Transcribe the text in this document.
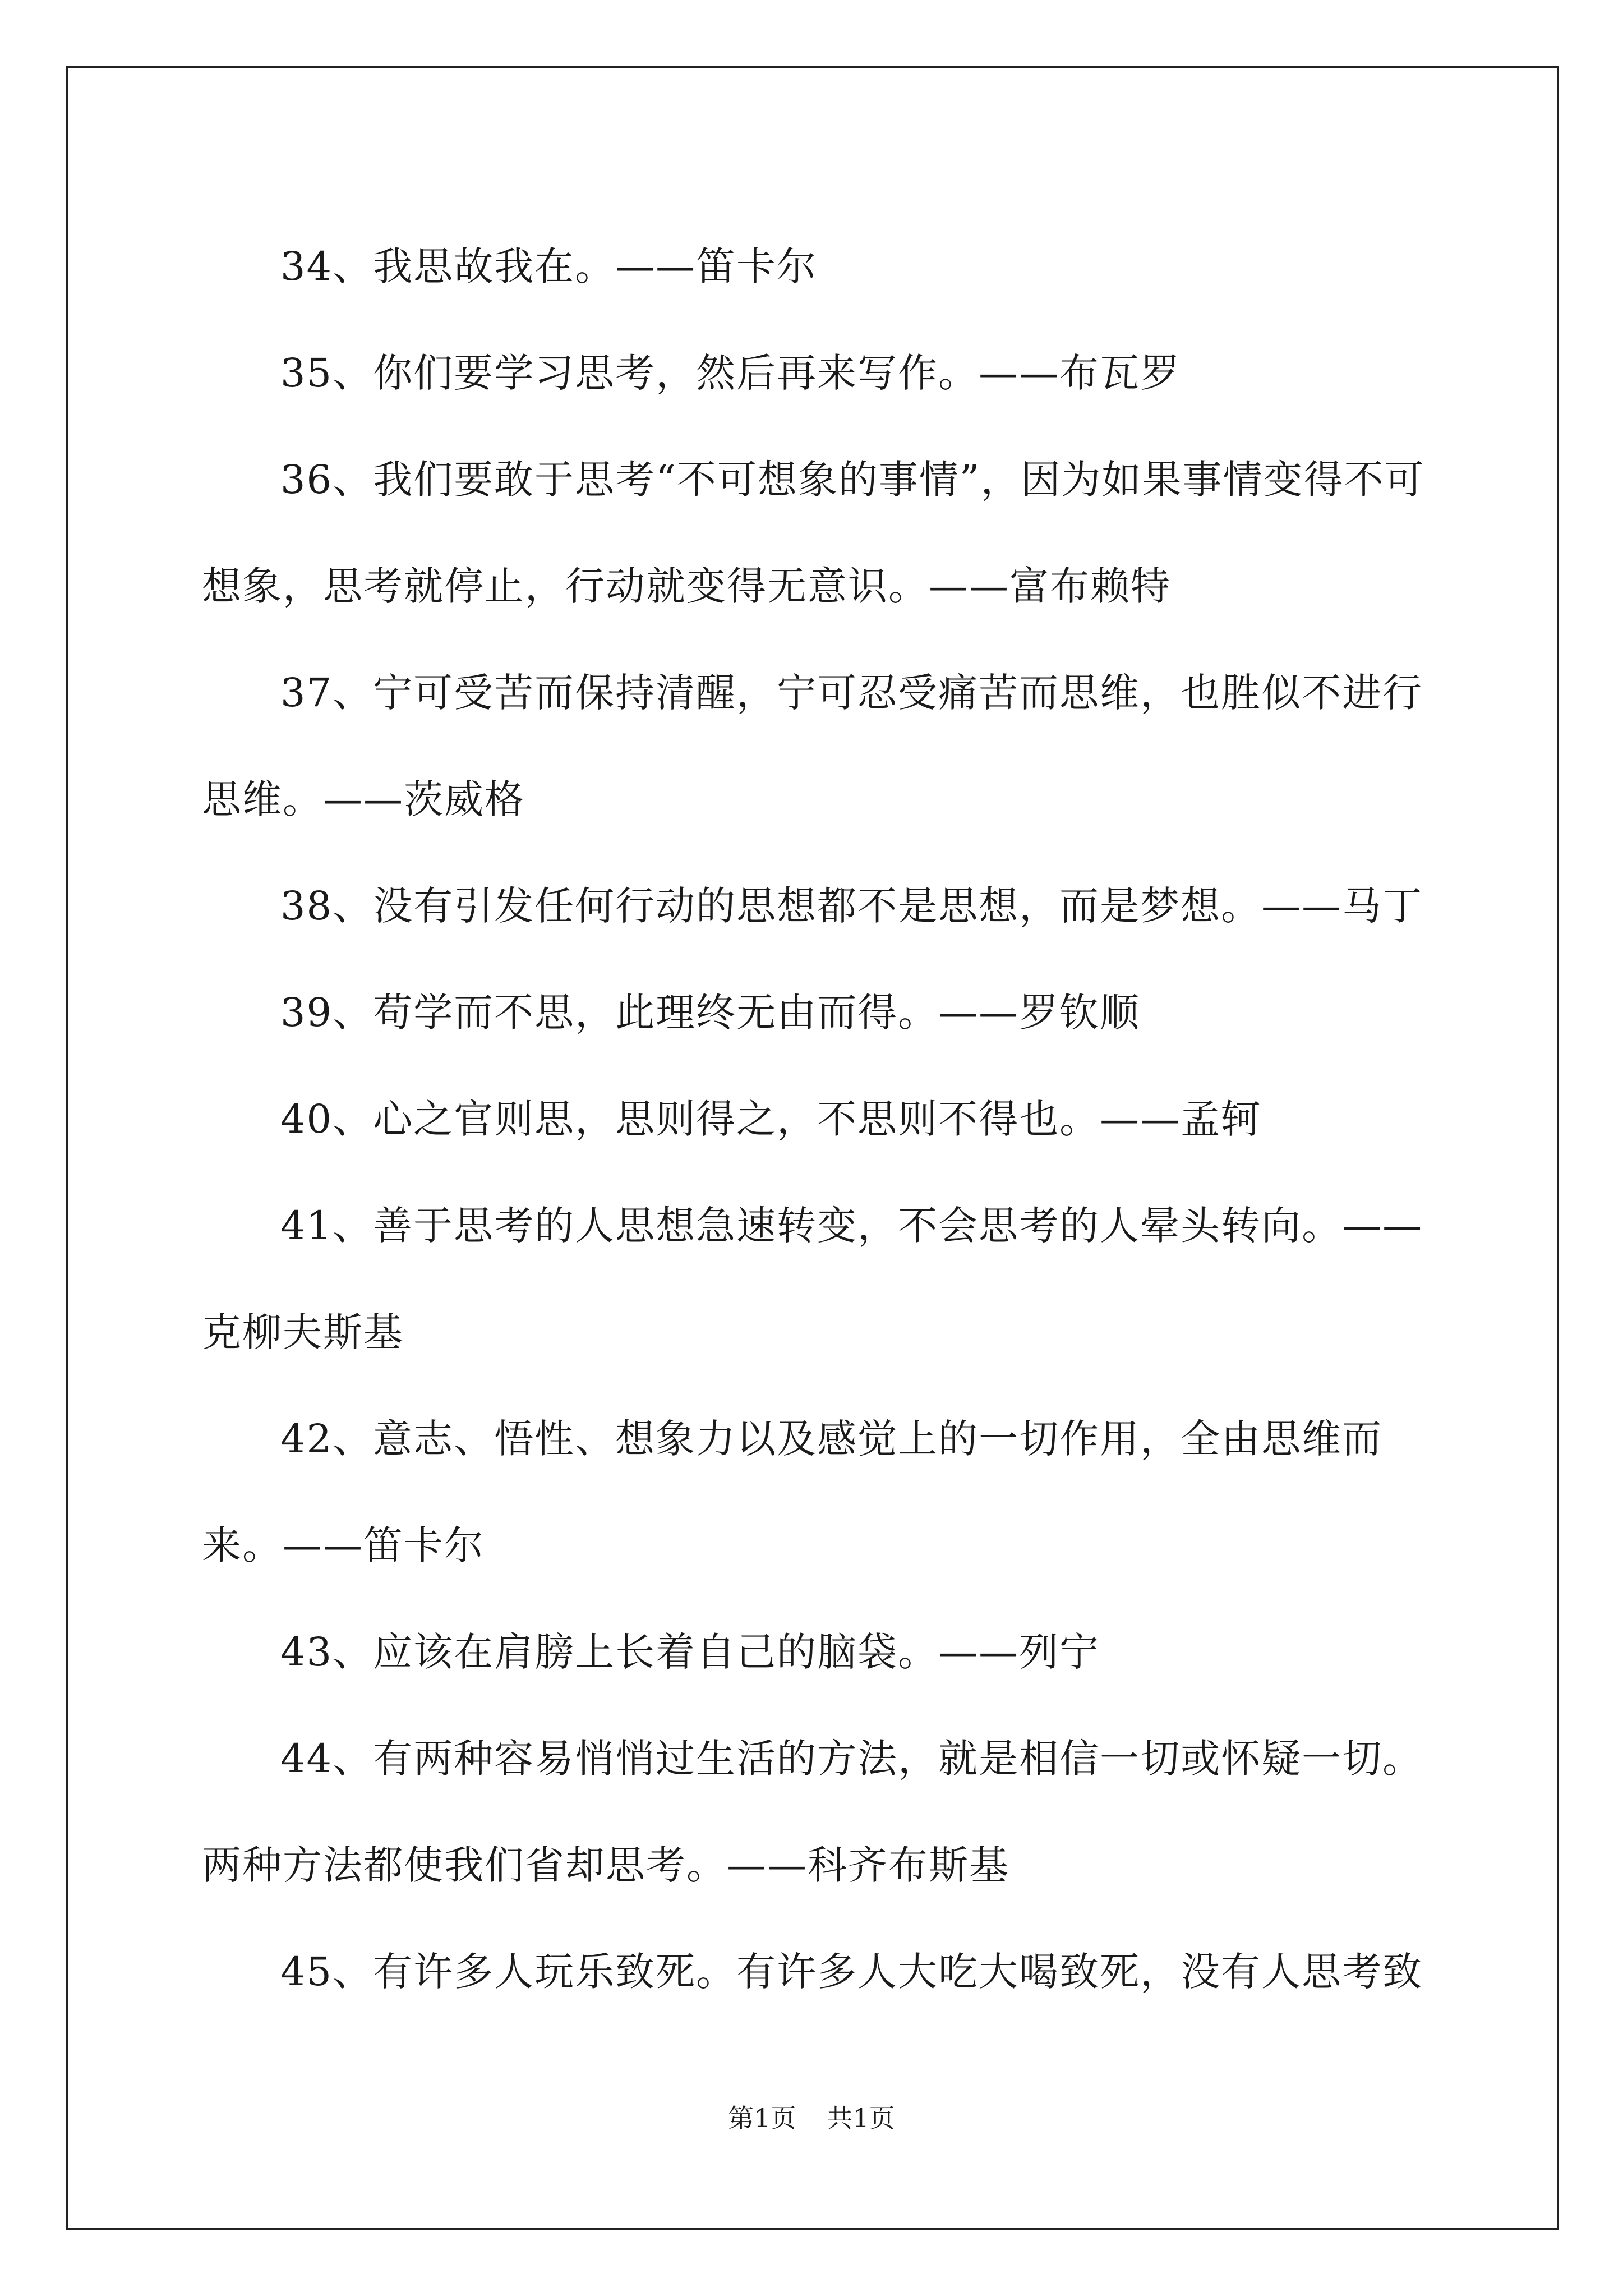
34、我思故我在。——笛卡尔

35、你们要学习思考，然后再来写作。——布瓦罗

36、我们要敢于思考“不可想象的事情”，因为如果事情变得不可想象，思考就停止，行动就变得无意识。——富布赖特

37、宁可受苦而保持清醒，宁可忍受痛苦而思维，也胜似不进行思维。——茨威格

38、没有引发任何行动的思想都不是思想，而是梦想。——马丁

39、苟学而不思，此理终无由而得。——罗钦顺

40、心之官则思，思则得之，不思则不得也。——孟轲

41、善于思考的人思想急速转变，不会思考的人晕头转向。——克柳夫斯基

42、意志、悟性、想象力以及感觉上的一切作用，全由思维而来。——笛卡尔

43、应该在肩膀上长着自己的脑袋。——列宁

44、有两种容易悄悄过生活的方法，就是相信一切或怀疑一切。两种方法都使我们省却思考。——科齐布斯基

45、有许多人玩乐致死。有许多人大吃大喝致死，没有人思考致

第1页 共1页
